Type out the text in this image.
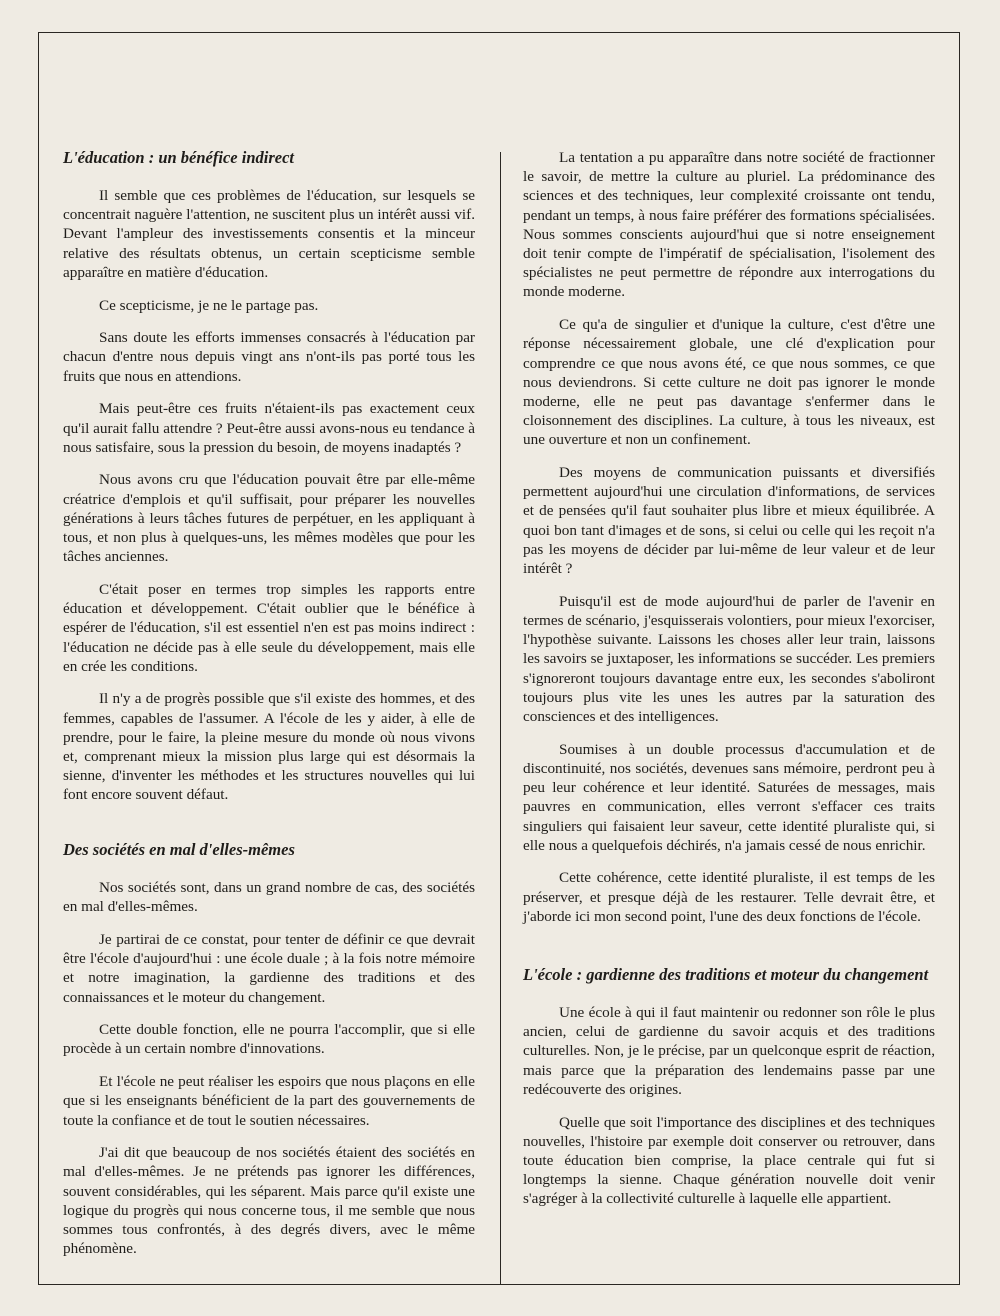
L'éducation : un bénéfice indirect

Il semble que ces problèmes de l'éducation, sur lesquels se concentrait naguère l'attention, ne suscitent plus un intérêt aussi vif. Devant l'ampleur des investissements consentis et la minceur relative des résultats obtenus, un certain scepticisme semble apparaître en matière d'éducation.

Ce scepticisme, je ne le partage pas.

Sans doute les efforts immenses consacrés à l'éducation par chacun d'entre nous depuis vingt ans n'ont-ils pas porté tous les fruits que nous en attendions.

Mais peut-être ces fruits n'étaient-ils pas exactement ceux qu'il aurait fallu attendre ? Peut-être aussi avons-nous eu tendance à nous satisfaire, sous la pression du besoin, de moyens inadaptés ?

Nous avons cru que l'éducation pouvait être par elle-même créatrice d'emplois et qu'il suffisait, pour préparer les nouvelles générations à leurs tâches futures de perpétuer, en les appliquant à tous, et non plus à quelques-uns, les mêmes modèles que pour les tâches anciennes.

C'était poser en termes trop simples les rapports entre éducation et développement. C'était oublier que le bénéfice à espérer de l'éducation, s'il est essentiel n'en est pas moins indirect : l'éducation ne décide pas à elle seule du développement, mais elle en crée les conditions.

Il n'y a de progrès possible que s'il existe des hommes, et des femmes, capables de l'assumer. A l'école de les y aider, à elle de prendre, pour le faire, la pleine mesure du monde où nous vivons et, comprenant mieux la mission plus large qui est désormais la sienne, d'inventer les méthodes et les structures nouvelles qui lui font encore souvent défaut.

Des sociétés en mal d'elles-mêmes

Nos sociétés sont, dans un grand nombre de cas, des sociétés en mal d'elles-mêmes.

Je partirai de ce constat, pour tenter de définir ce que devrait être l'école d'aujourd'hui : une école duale ; à la fois notre mémoire et notre imagination, la gardienne des traditions et des connaissances et le moteur du changement.

Cette double fonction, elle ne pourra l'accomplir, que si elle procède à un certain nombre d'innovations.

Et l'école ne peut réaliser les espoirs que nous plaçons en elle que si les enseignants bénéficient de la part des gouvernements de toute la confiance et de tout le soutien nécessaires.

J'ai dit que beaucoup de nos sociétés étaient des sociétés en mal d'elles-mêmes. Je ne prétends pas ignorer les différences, souvent considérables, qui les séparent. Mais parce qu'il existe une logique du progrès qui nous concerne tous, il me semble que nous sommes tous confrontés, à des degrés divers, avec le même phénomène.

La tentation a pu apparaître dans notre société de fractionner le savoir, de mettre la culture au pluriel. La prédominance des sciences et des techniques, leur complexité croissante ont tendu, pendant un temps, à nous faire préférer des formations spécialisées. Nous sommes conscients aujourd'hui que si notre enseignement doit tenir compte de l'impératif de spécialisation, l'isolement des spécialistes ne peut permettre de répondre aux interrogations du monde moderne.

Ce qu'a de singulier et d'unique la culture, c'est d'être une réponse nécessairement globale, une clé d'explication pour comprendre ce que nous avons été, ce que nous sommes, ce que nous deviendrons. Si cette culture ne doit pas ignorer le monde moderne, elle ne peut pas davantage s'enfermer dans le cloisonnement des disciplines. La culture, à tous les niveaux, est une ouverture et non un confinement.

Des moyens de communication puissants et diversifiés permettent aujourd'hui une circulation d'informations, de services et de pensées qu'il faut souhaiter plus libre et mieux équilibrée. A quoi bon tant d'images et de sons, si celui ou celle qui les reçoit n'a pas les moyens de décider par lui-même de leur valeur et de leur intérêt ?

Puisqu'il est de mode aujourd'hui de parler de l'avenir en termes de scénario, j'esquisserais volontiers, pour mieux l'exorciser, l'hypothèse suivante. Laissons les choses aller leur train, laissons les savoirs se juxtaposer, les informations se succéder. Les premiers s'ignoreront toujours davantage entre eux, les secondes s'aboliront toujours plus vite les unes les autres par la saturation des consciences et des intelligences.

Soumises à un double processus d'accumulation et de discontinuité, nos sociétés, devenues sans mémoire, perdront peu à peu leur cohérence et leur identité. Saturées de messages, mais pauvres en communication, elles verront s'effacer ces traits singuliers qui faisaient leur saveur, cette identité pluraliste qui, si elle nous a quelquefois déchirés, n'a jamais cessé de nous enrichir.

Cette cohérence, cette identité pluraliste, il est temps de les préserver, et presque déjà de les restaurer. Telle devrait être, et j'aborde ici mon second point, l'une des deux fonctions de l'école.

L'école : gardienne des traditions et moteur du changement

Une école à qui il faut maintenir ou redonner son rôle le plus ancien, celui de gardienne du savoir acquis et des traditions culturelles. Non, je le précise, par un quelconque esprit de réaction, mais parce que la préparation des lendemains passe par une redécouverte des origines.

Quelle que soit l'importance des disciplines et des techniques nouvelles, l'histoire par exemple doit conserver ou retrouver, dans toute éducation bien comprise, la place centrale qui fut si longtemps la sienne. Chaque génération nouvelle doit venir s'agréger à la collectivité culturelle à laquelle elle appartient.
